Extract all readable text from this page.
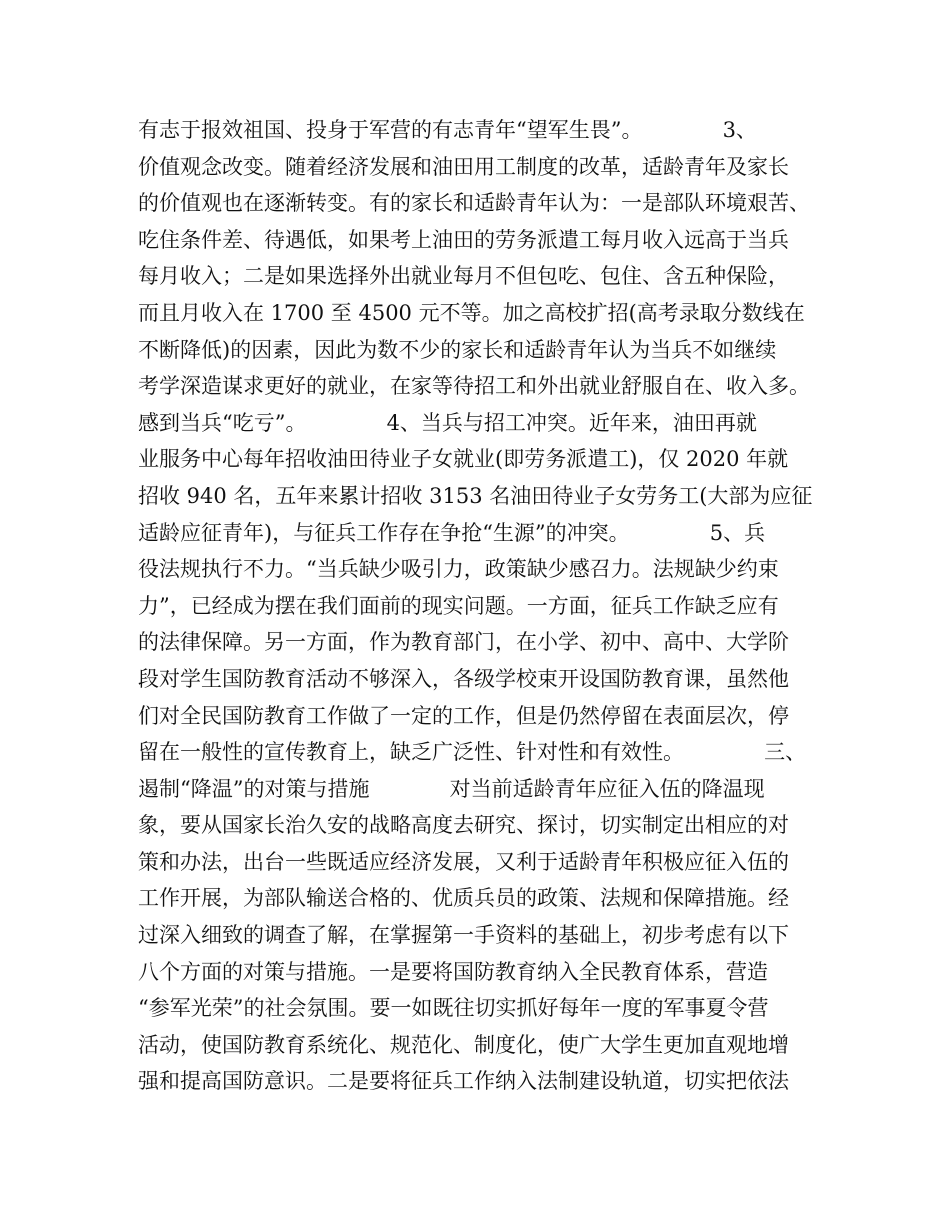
有志于报效祖国、投身于军营的有志青年“望军生畏”。            3、
价值观念改变。随着经济发展和油田用工制度的改革，适龄青年及家长
的价值观也在逐渐转变。有的家长和适龄青年认为：一是部队环境艰苦、
吃住条件差、待遇低，如果考上油田的劳务派遣工每月收入远高于当兵
每月收入；二是如果选择外出就业每月不但包吃、包住、含五种保险，
而且月收入在 1700 至 4500 元不等。加之高校扩招(高考录取分数线在
不断降低)的因素，因此为数不少的家长和适龄青年认为当兵不如继续
考学深造谋求更好的就业，在家等待招工和外出就业舒服自在、收入多。
感到当兵“吃亏”。            4、当兵与招工冲突。近年来，油田再就
业服务中心每年招收油田待业子女就业(即劳务派遣工)，仅 2020 年就
招收 940 名，五年来累计招收 3153 名油田待业子女劳务工(大部为应征
适龄应征青年)，与征兵工作存在争抢“生源”的冲突。            5、兵
役法规执行不力。“当兵缺少吸引力，政策缺少感召力。法规缺少约束
力”，已经成为摆在我们面前的现实问题。一方面，征兵工作缺乏应有
的法律保障。另一方面，作为教育部门，在小学、初中、高中、大学阶
段对学生国防教育活动不够深入，各级学校束开设国防教育课，虽然他
们对全民国防教育工作做了一定的工作，但是仍然停留在表面层次，停
留在一般性的宣传教育上，缺乏广泛性、针对性和有效性。            三、
遏制“降温”的对策与措施            对当前适龄青年应征入伍的降温现
象，要从国家长治久安的战略高度去研究、探讨，切实制定出相应的对
策和办法，出台一些既适应经济发展，又利于适龄青年积极应征入伍的
工作开展，为部队输送合格的、优质兵员的政策、法规和保障措施。经
过深入细致的调查了解，在掌握第一手资料的基础上，初步考虑有以下
八个方面的对策与措施。一是要将国防教育纳入全民教育体系，营造
“参军光荣”的社会氛围。要一如既往切实抓好每年一度的军事夏令营
活动，使国防教育系统化、规范化、制度化，使广大学生更加直观地增
强和提高国防意识。二是要将征兵工作纳入法制建设轨道，切实把依法
